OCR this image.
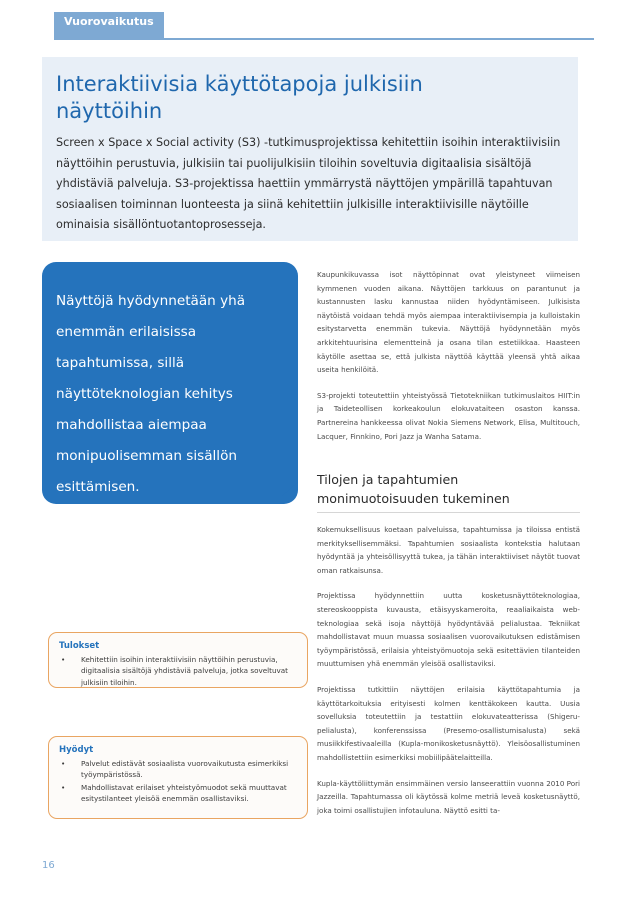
Vuorovaikutus
Interaktiivisia käyttötapoja julkisiin näyttöihin

Screen x Space x Social activity (S3) -tutkimusprojektissa kehitettiin isoihin interaktiivisiin näyttöihin perustuvia, julkisiin tai puolijulkisiin tiloihin soveltuvia digitaalisia sisältöjä yhdistäviä palveluja. S3-projektissa haettiin ymmärrystä näyttöjen ympärillä tapahtuvan sosiaalisen toiminnan luonteesta ja siinä kehitettiin julkisille interaktiivisille näytöille ominaisia sisällöntuotantoprosesseja.

Näyttöjä hyödynnetään yhä enemmän erilaisissa tapahtumissa, sillä näyttöteknologian kehitys mahdollistaa aiempaa monipuolisemman sisällön esittämisen.

Tulokset
• Kehitettiin isoihin interaktiivisiin näyttöihin perustuvia, digitaalisia sisältöjä yhdistäviä palveluja, jotka soveltuvat julkisiin tiloihin.
Hyödyt
• Palvelut edistävät sosiaalista vuorovaikutusta esimerkiksi työympäristössä.
• Mahdollistavat erilaiset yhteistyömuodot sekä muuttavat esitystilanteet yleisöä enemmän osallistaviksi.

Kaupunkikuvassa isot näyttöpinnat ovat yleistyneet viimeisen kymmenen vuoden aikana. Näyttöjen tarkkuus on parantunut ja kustannusten lasku kannustaa niiden hyödyntämiseen. Julkisista näytöistä voidaan tehdä myös aiempaa interaktiivisempia ja kulloistakin esitystarvetta enemmän tukevia. Näyttöjä hyödynnetään myös arkkitehtuurisina elementteinä ja osana tilan estetiikkaa. Haasteen käytölle asettaa se, että julkista näyttöä käyttää yleensä yhtä aikaa useita henkilöitä.

S3-projekti toteutettiin yhteistyössä Tietotekniikan tutkimuslaitos HIIT:in ja Taideteollisen korkeakoulun elokuvataiteen osaston kanssa. Partnereina hankkeessa olivat Nokia Siemens Network, Elisa, Multitouch, Lacquer, Finnkino, Pori Jazz ja Wanha Satama.

Tilojen ja tapahtumien monimuotoisuuden tukeminen

Kokemuksellisuus koetaan palveluissa, tapahtumissa ja tiloissa entistä merkityksellisemmäksi. Tapahtumien sosiaalista kontekstia halutaan hyödyntää ja yhteisöllisyyttä tukea, ja tähän interaktiiviset näytöt tuovat oman ratkaisunsa.

Projektissa hyödynnettiin uutta kosketusnäyttöteknologiaa, stereoskooppista kuvausta, etäisyyskameroita, reaaliaikaista web-teknologiaa sekä isoja näyttöjä hyödyntävää pelialustaa. Tekniikat mahdollistavat muun muassa sosiaalisen vuorovaikutuksen edistämisen työympäristössä, erilaisia yhteistyömuotoja sekä esitettävien tilanteiden muuttumisen yhä enemmän yleisöä osallistaviksi.

Projektissa tutkittiin näyttöjen erilaisia käyttötapahtumia ja käyttötarkoituksia erityisesti kolmen kenttäkokeen kautta. Uusia sovelluksia toteutettiin ja testattiin elokuvateatterissa (Shigeru-pelialusta), konferenssissa (Presemo-osallistumisalusta) sekä musiikkifestivaaleilla (Kupla-monikosketusnäyttö). Yleisöosallistuminen mahdollistettiin esimerkiksi mobiilipäätelaitteilla.

Kupla-käyttöliittymän ensimmäinen versio lanseerattiin vuonna 2010 Pori Jazzeilla. Tapahtumassa oli käytössä kolme metriä leveä kosketusnäyttö, joka toimi osallistujien infotauluna. Näyttö esitti ta-

16
